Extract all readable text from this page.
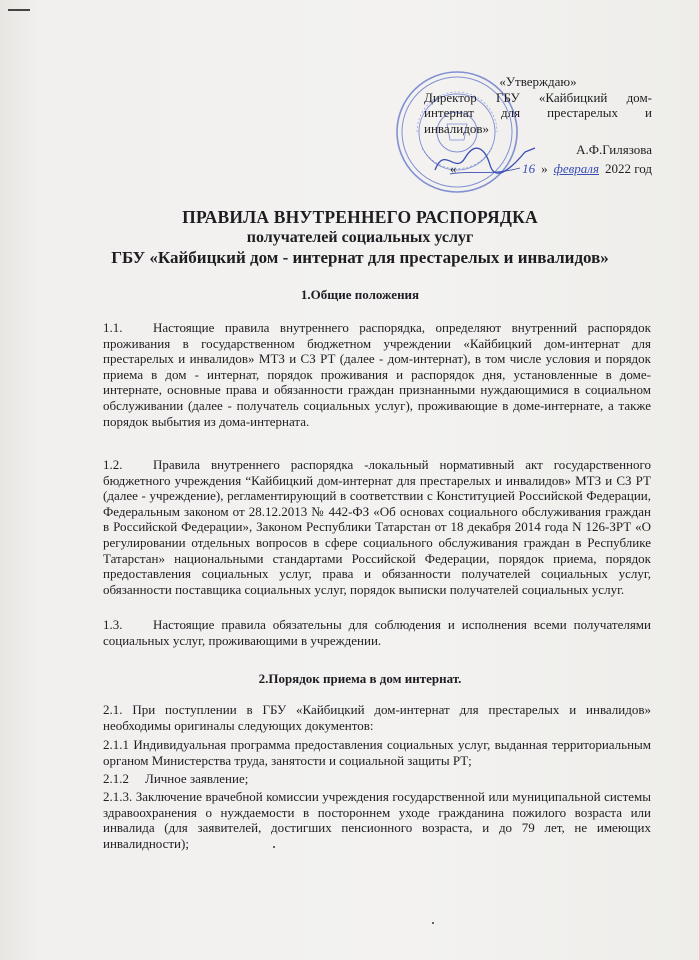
«Утверждаю»
Директор ГБУ «Кайбицкий дом-
интернат для престарелых и
инвалидов»
А.Ф.Гилязова
«	16 » февраля 2022 год
ПРАВИЛА ВНУТРЕННЕГО РАСПОРЯДКА
получателей социальных услуг
ГБУ «Кайбицкий дом - интернат для престарелых и инвалидов»
1.Общие положения
1.1. Настоящие правила внутреннего распорядка, определяют внутренний распорядок проживания в государственном бюджетном учреждении «Кайбицкий дом-интернат для престарелых и инвалидов» МТЗ и СЗ РТ (далее - дом-интернат), в том числе условия и порядок приема в дом - интернат, порядок проживания и распорядок дня, установленные в доме-интернате, основные права и обязанности граждан признанными нуждающимися в социальном обслуживании (далее - получатель социальных услуг), проживающие в доме-интернате, а также порядок выбытия из дома-интерната.
1.2. Правила внутреннего распорядка -локальный нормативный акт государственного бюджетного учреждения “Кайбицкий дом-интернат для престарелых и инвалидов» МТЗ и СЗ РТ (далее - учреждение), регламентирующий в соответствии с Конституцией Российской Федерации, Федеральным законом от 28.12.2013 № 442-ФЗ «Об основах социального обслуживания граждан в Российской Федерации», Законом Республики Татарстан от 18 декабря 2014 года N 126-ЗРТ «О регулировании отдельных вопросов в сфере социального обслуживания граждан в Республике Татарстан» национальными стандартами Российской Федерации, порядок приема, порядок предоставления социальных услуг, права и обязанности получателей социальных услуг, обязанности поставщика социальных услуг, порядок выписки получателей социальных услуг.
1.3. Настоящие правила обязательны для соблюдения и исполнения всеми получателями социальных услуг, проживающими в учреждении.
2.Порядок приема в дом интернат.
2.1. При поступлении в ГБУ «Кайбицкий дом-интернат для престарелых и инвалидов» необходимы оригиналы следующих документов:
2.1.1 Индивидуальная программа предоставления социальных услуг, выданная территориальным органом Министерства труда, занятости и социальной защиты РТ;
2.1.2 Личное заявление;
2.1.3. Заключение врачебной комиссии учреждения государственной или муниципальной системы здравоохранения о нуждаемости в постороннем уходе гражданина пожилого возраста или инвалида (для заявителей, достигших пенсионного возраста, и до 79 лет, не имеющих инвалидности);
